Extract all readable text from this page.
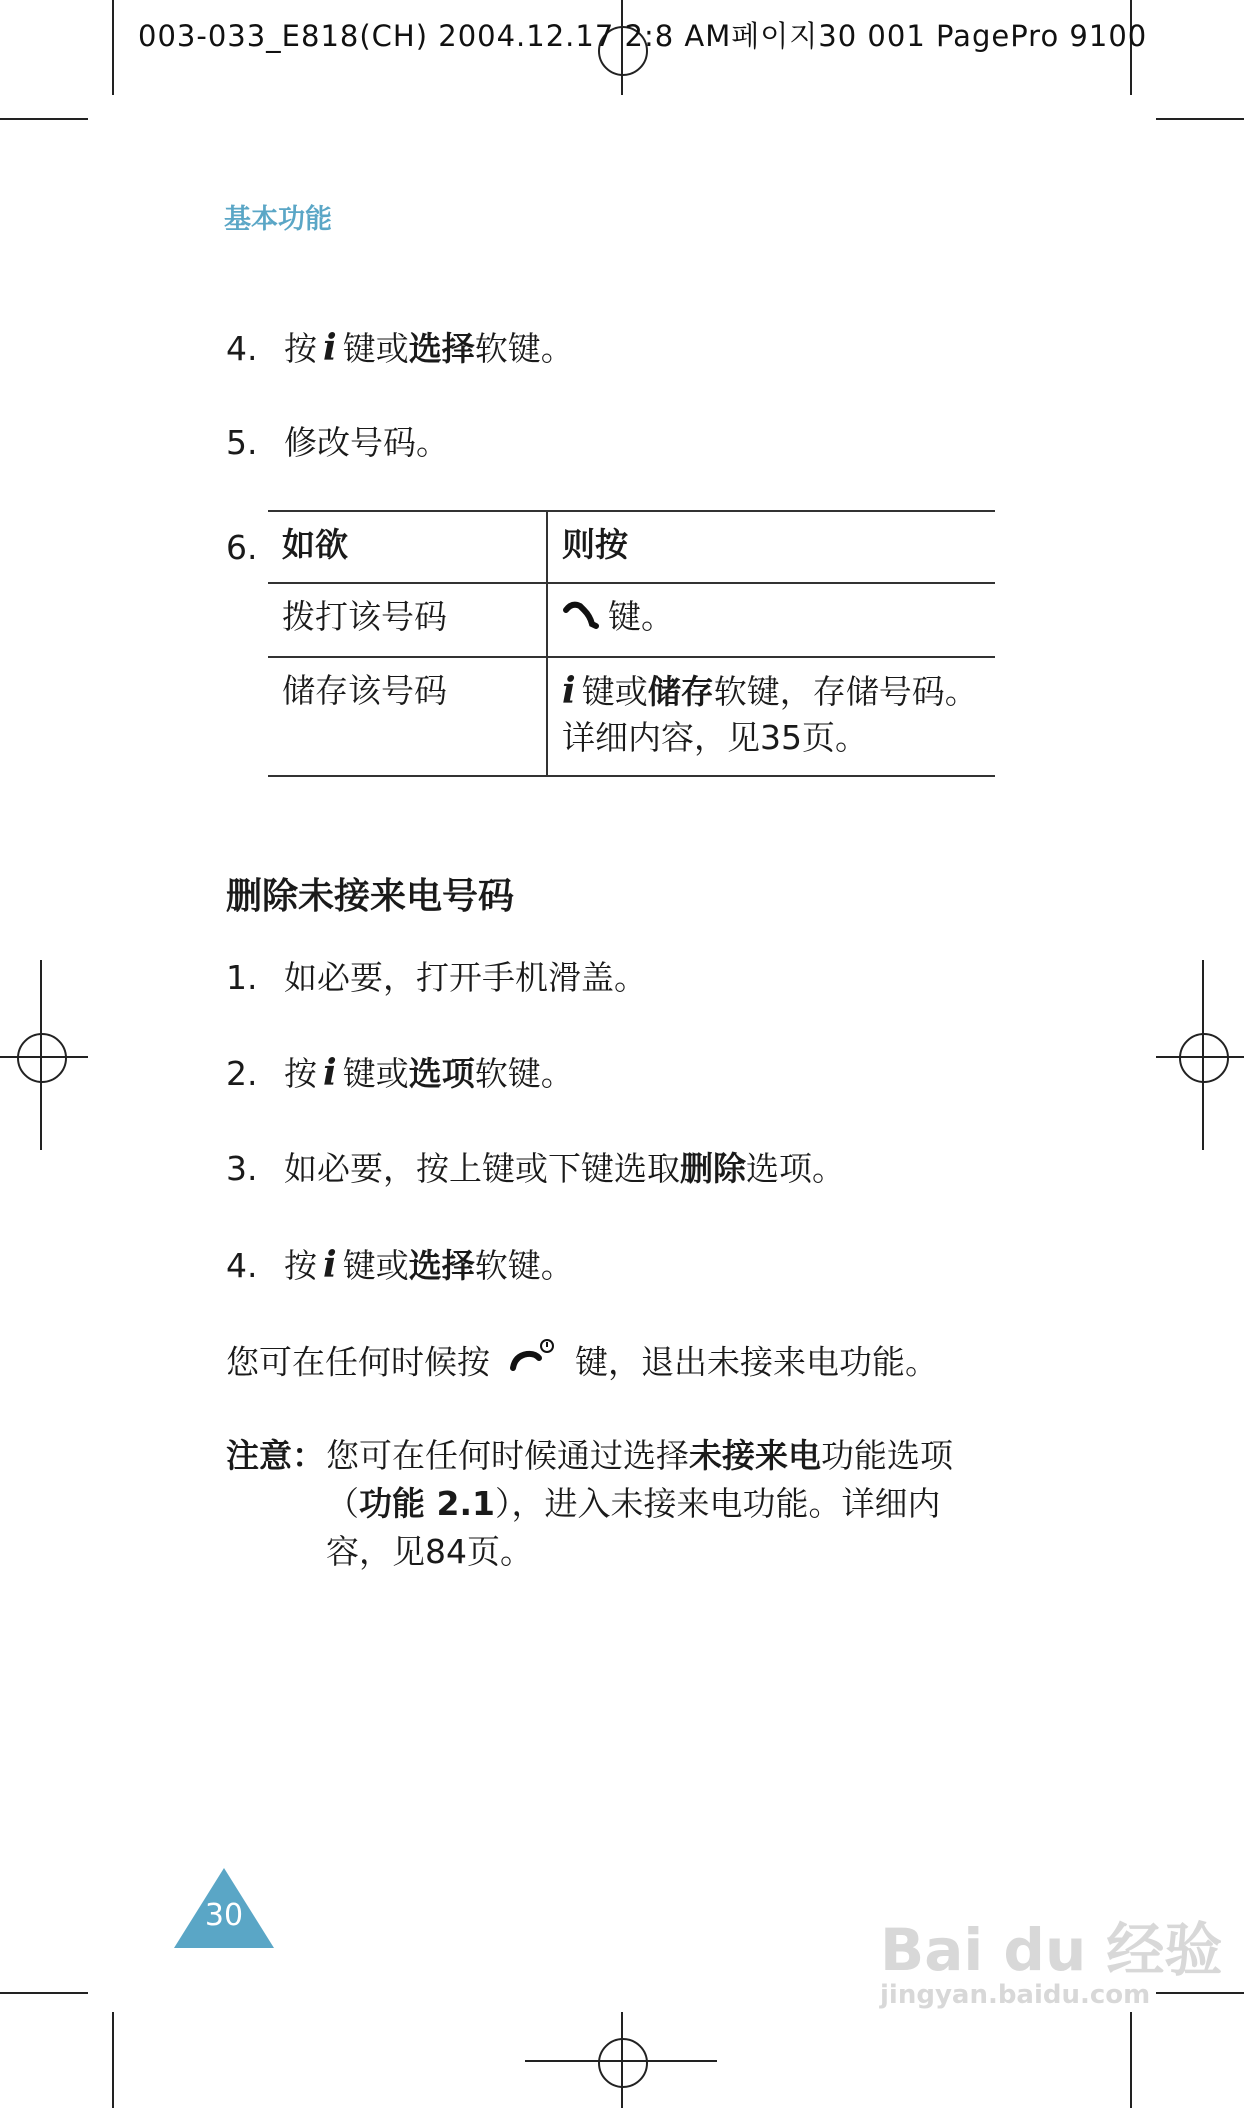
003-033_E818(CH) 2004.12.17 2:8 AM페이지30 001 PagePro 9100
基本功能
4. 按 i 键或选择软键。
5. 修改号码。
6. 如欲	则按
拨打该号码	键。
储存该号码	i 键或储存软键，存储号码。
详细内容，见35页。
删除未接来电号码
1. 如必要，打开手机滑盖。
2. 按 i 键或选项软键。
3. 如必要，按上键或下键选取删除选项。
4. 按 i 键或选择软键。
您可在任何时候按	键，退出未接来电功能。
注意： 您可在任何时候通过选择未接来电功能选项（功能 2.1），进入未接来电功能。详细内容，见84页。
30
Bai du 经验
jingyan.baidu.com
